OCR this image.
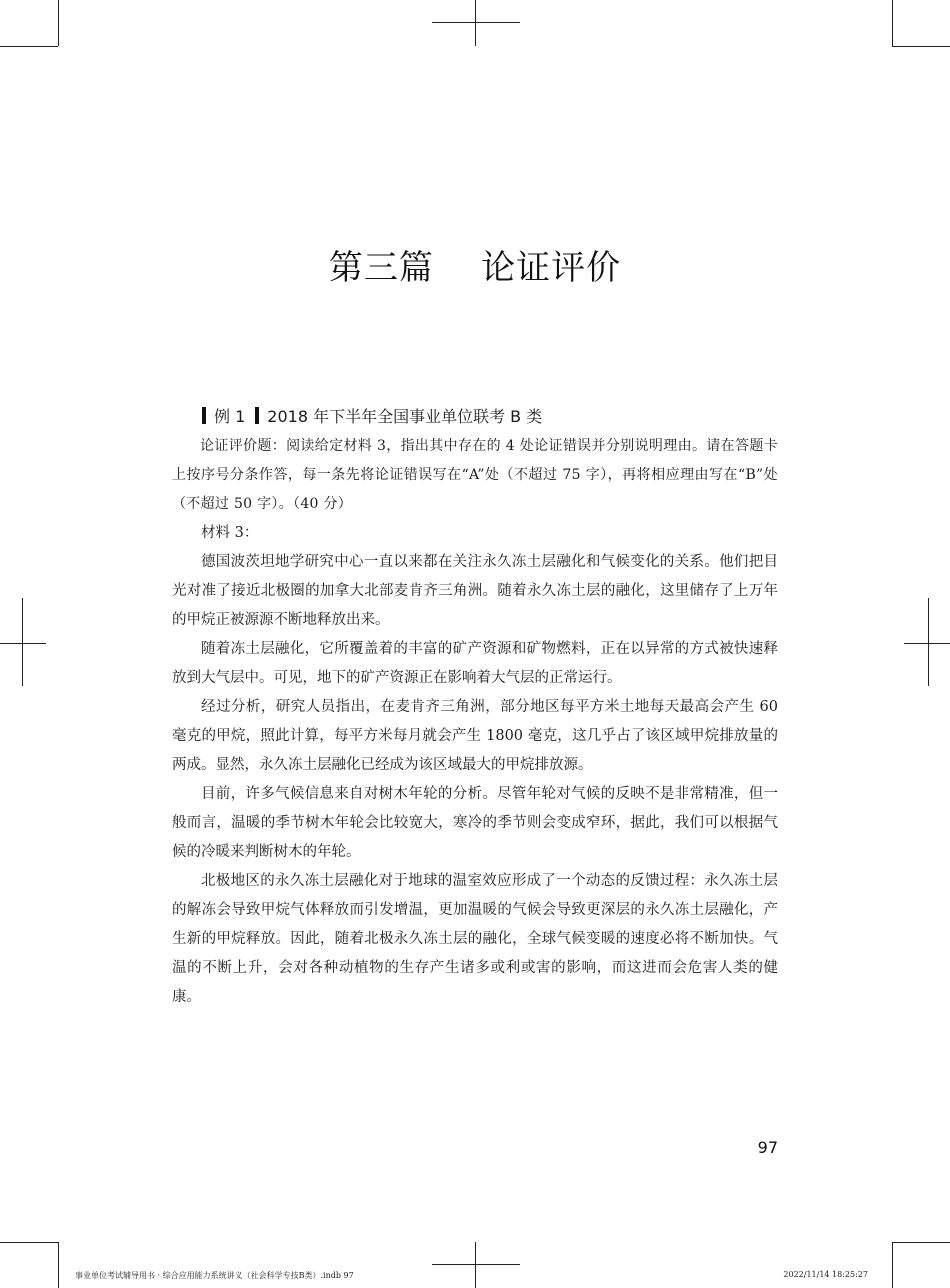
第三篇    论证评价
例 1 2018 年下半年全国事业单位联考 B 类

论证评价题：阅读给定材料 3，指出其中存在的 4 处论证错误并分别说明理由。请在答题卡上按序号分条作答，每一条先将论证错误写在“A”处（不超过 75 字），再将相应理由写在“B”处（不超过 50 字）。（40 分）

材料 3：

德国波茨坦地学研究中心一直以来都在关注永久冻土层融化和气候变化的关系。他们把目光对准了接近北极圈的加拿大北部麦肯齐三角洲。随着永久冻土层的融化，这里储存了上万年的甲烷正被源源不断地释放出来。

随着冻土层融化，它所覆盖着的丰富的矿产资源和矿物燃料，正在以异常的方式被快速释放到大气层中。可见，地下的矿产资源正在影响着大气层的正常运行。

经过分析，研究人员指出，在麦肯齐三角洲，部分地区每平方米土地每天最高会产生 60 毫克的甲烷，照此计算，每平方米每月就会产生 1800 毫克，这几乎占了该区域甲烷排放量的两成。显然，永久冻土层融化已经成为该区域最大的甲烷排放源。

目前，许多气候信息来自对树木年轮的分析。尽管年轮对气候的反映不是非常精准，但一般而言，温暖的季节树木年轮会比较宽大，寒冷的季节则会变成窄环，据此，我们可以根据气候的冷暖来判断树木的年轮。

北极地区的永久冻土层融化对于地球的温室效应形成了一个动态的反馈过程：永久冻土层的解冻会导致甲烷气体释放而引发增温，更加温暖的气候会导致更深层的永久冻土层融化，产生新的甲烷释放。因此，随着北极永久冻土层的融化，全球气候变暖的速度必将不断加快。气温的不断上升，会对各种动植物的生存产生诸多或利或害的影响，而这进而会危害人类的健康。

97
事业单位考试辅导用书 · 综合应用能力系统讲义（社会科学专技B类）.indb 97	2022/11/14 18:25:27
